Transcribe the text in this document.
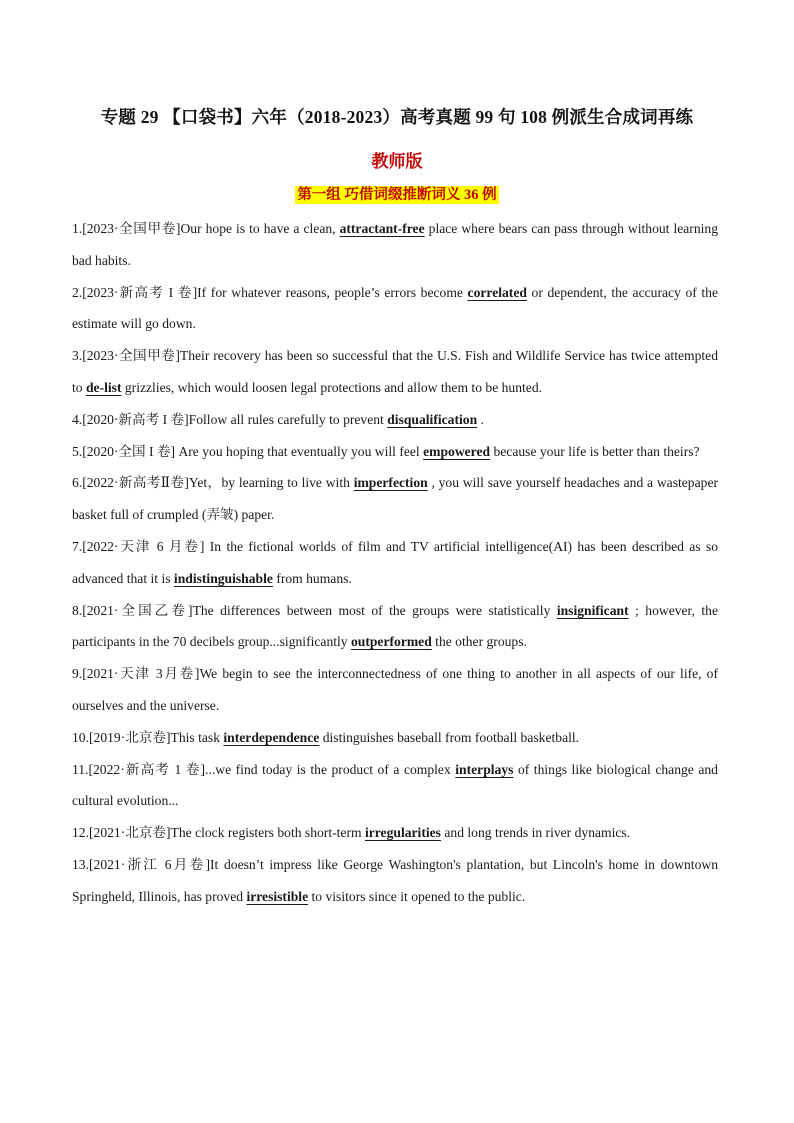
专题 29 【口袋书】六年（2018-2023）高考真题 99 句 108 例派生合成词再练
教师版
第一组 巧借词缀推断词义 36 例
1.[2023·全国甲卷]Our hope is to have a clean, attractant-free place where bears can pass through without learning bad habits.
2.[2023·新高考 I 卷]If for whatever reasons, people’s errors become correlated or dependent, the accuracy of the estimate will go down.
3.[2023·全国甲卷]Their recovery has been so successful that the U.S. Fish and Wildlife Service has twice attempted to de-list grizzlies, which would loosen legal protections and allow them to be hunted.
4.[2020·新高考 I 卷]Follow all rules carefully to prevent disqualification .
5.[2020·全国 I 卷] Are you hoping that eventually you will feel empowered because your life is better than theirs?
6.[2022·新高考Ⅱ卷]Yet，by learning to live with imperfection , you will save yourself headaches and a wastepaper basket full of crumpled (弄皱) paper.
7.[2022·天津 6 月卷] In the fictional worlds of film and TV artificial intelligence(AI) has been described as so advanced that it is indistinguishable from humans.
8.[2021·全国乙卷]The differences between most of the groups were statistically insignificant ; however, the participants in the 70 decibels group...significantly outperformed the other groups.
9.[2021·天津 3月卷]We begin to see the interconnectedness of one thing to another in all aspects of our life, of ourselves and the universe.
10.[2019·北京卷]This task interdependence distinguishes baseball from football basketball.
11.[2022·新高考 1 卷]...we find today is the product of a complex interplays of things like biological change and cultural evolution...
12.[2021·北京卷]The clock registers both short-term irregularities and long trends in river dynamics.
13.[2021·浙江 6月卷]It doesn’t impress like George Washington's plantation, but Lincoln's home in downtown Springheld, Illinois, has proved irresistible to visitors since it opened to the public.
